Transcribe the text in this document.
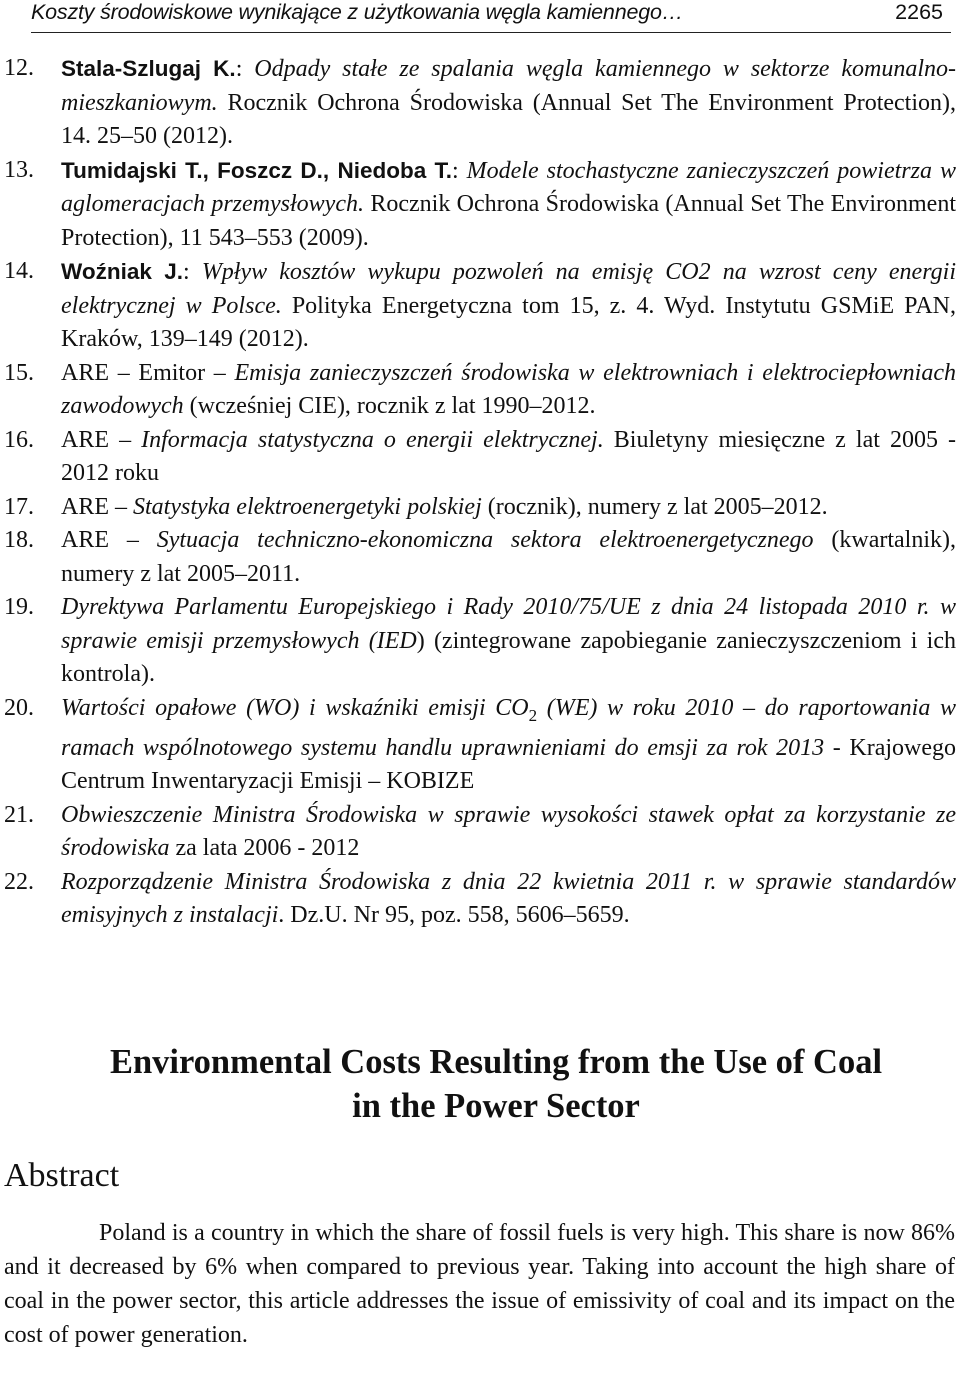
Koszty środowiskowe wynikające z użytkowania węgla kamiennego…	2265
12. Stala-Szlugaj K.: Odpady stałe ze spalania węgla kamiennego w sektorze komunalno-mieszkaniowym. Rocznik Ochrona Środowiska (Annual Set The Environment Protection), 14. 25–50 (2012).
13. Tumidajski T., Foszcz D., Niedoba T.: Modele stochastyczne zanieczyszczeń powietrza w aglomeracjach przemysłowych. Rocznik Ochrona Środowiska (Annual Set The Environment Protection), 11 543–553 (2009).
14. Woźniak J.: Wpływ kosztów wykupu pozwoleń na emisję CO2 na wzrost ceny energii elektrycznej w Polsce. Polityka Energetyczna tom 15, z. 4. Wyd. Instytutu GSMiE PAN, Kraków, 139–149 (2012).
15. ARE – Emitor – Emisja zanieczyszczeń środowiska w elektrowniach i elektrociepłowniach zawodowych (wcześniej CIE), rocznik z lat 1990–2012.
16. ARE – Informacja statystyczna o energii elektrycznej. Biuletyny miesięczne z lat 2005 - 2012 roku
17. ARE – Statystyka elektroenergetyki polskiej (rocznik), numery z lat 2005–2012.
18. ARE – Sytuacja techniczno-ekonomiczna sektora elektroenergetycznego (kwartalnik), numery z lat 2005–2011.
19. Dyrektywa Parlamentu Europejskiego i Rady 2010/75/UE z dnia 24 listopada 2010 r. w sprawie emisji przemysłowych (IED) (zintegrowane zapobieganie zanieczyszczeniom i ich kontrola).
20. Wartości opałowe (WO) i wskaźniki emisji $CO_2$ (WE) w roku 2010 – do raportowania w ramach wspólnotowego systemu handlu uprawnieniami do emsji za rok 2013 - Krajowego Centrum Inwentaryzacji Emisji – KOBIZE
21. Obwieszczenie Ministra Środowiska w sprawie wysokości stawek opłat za korzystanie ze środowiska za lata 2006 - 2012
22. Rozporządzenie Ministra Środowiska z dnia 22 kwietnia 2011 r. w sprawie standardów emisyjnych z instalacji. Dz.U. Nr 95, poz. 558, 5606–5659.
Environmental Costs Resulting from the Use of Coal
in the Power Sector
Abstract
Poland is a country in which the share of fossil fuels is very high. This share is now 86% and it decreased by 6% when compared to previous year. Taking into account the high share of coal in the power sector, this article addresses the issue of emissivity of coal and its impact on the cost of power generation.
